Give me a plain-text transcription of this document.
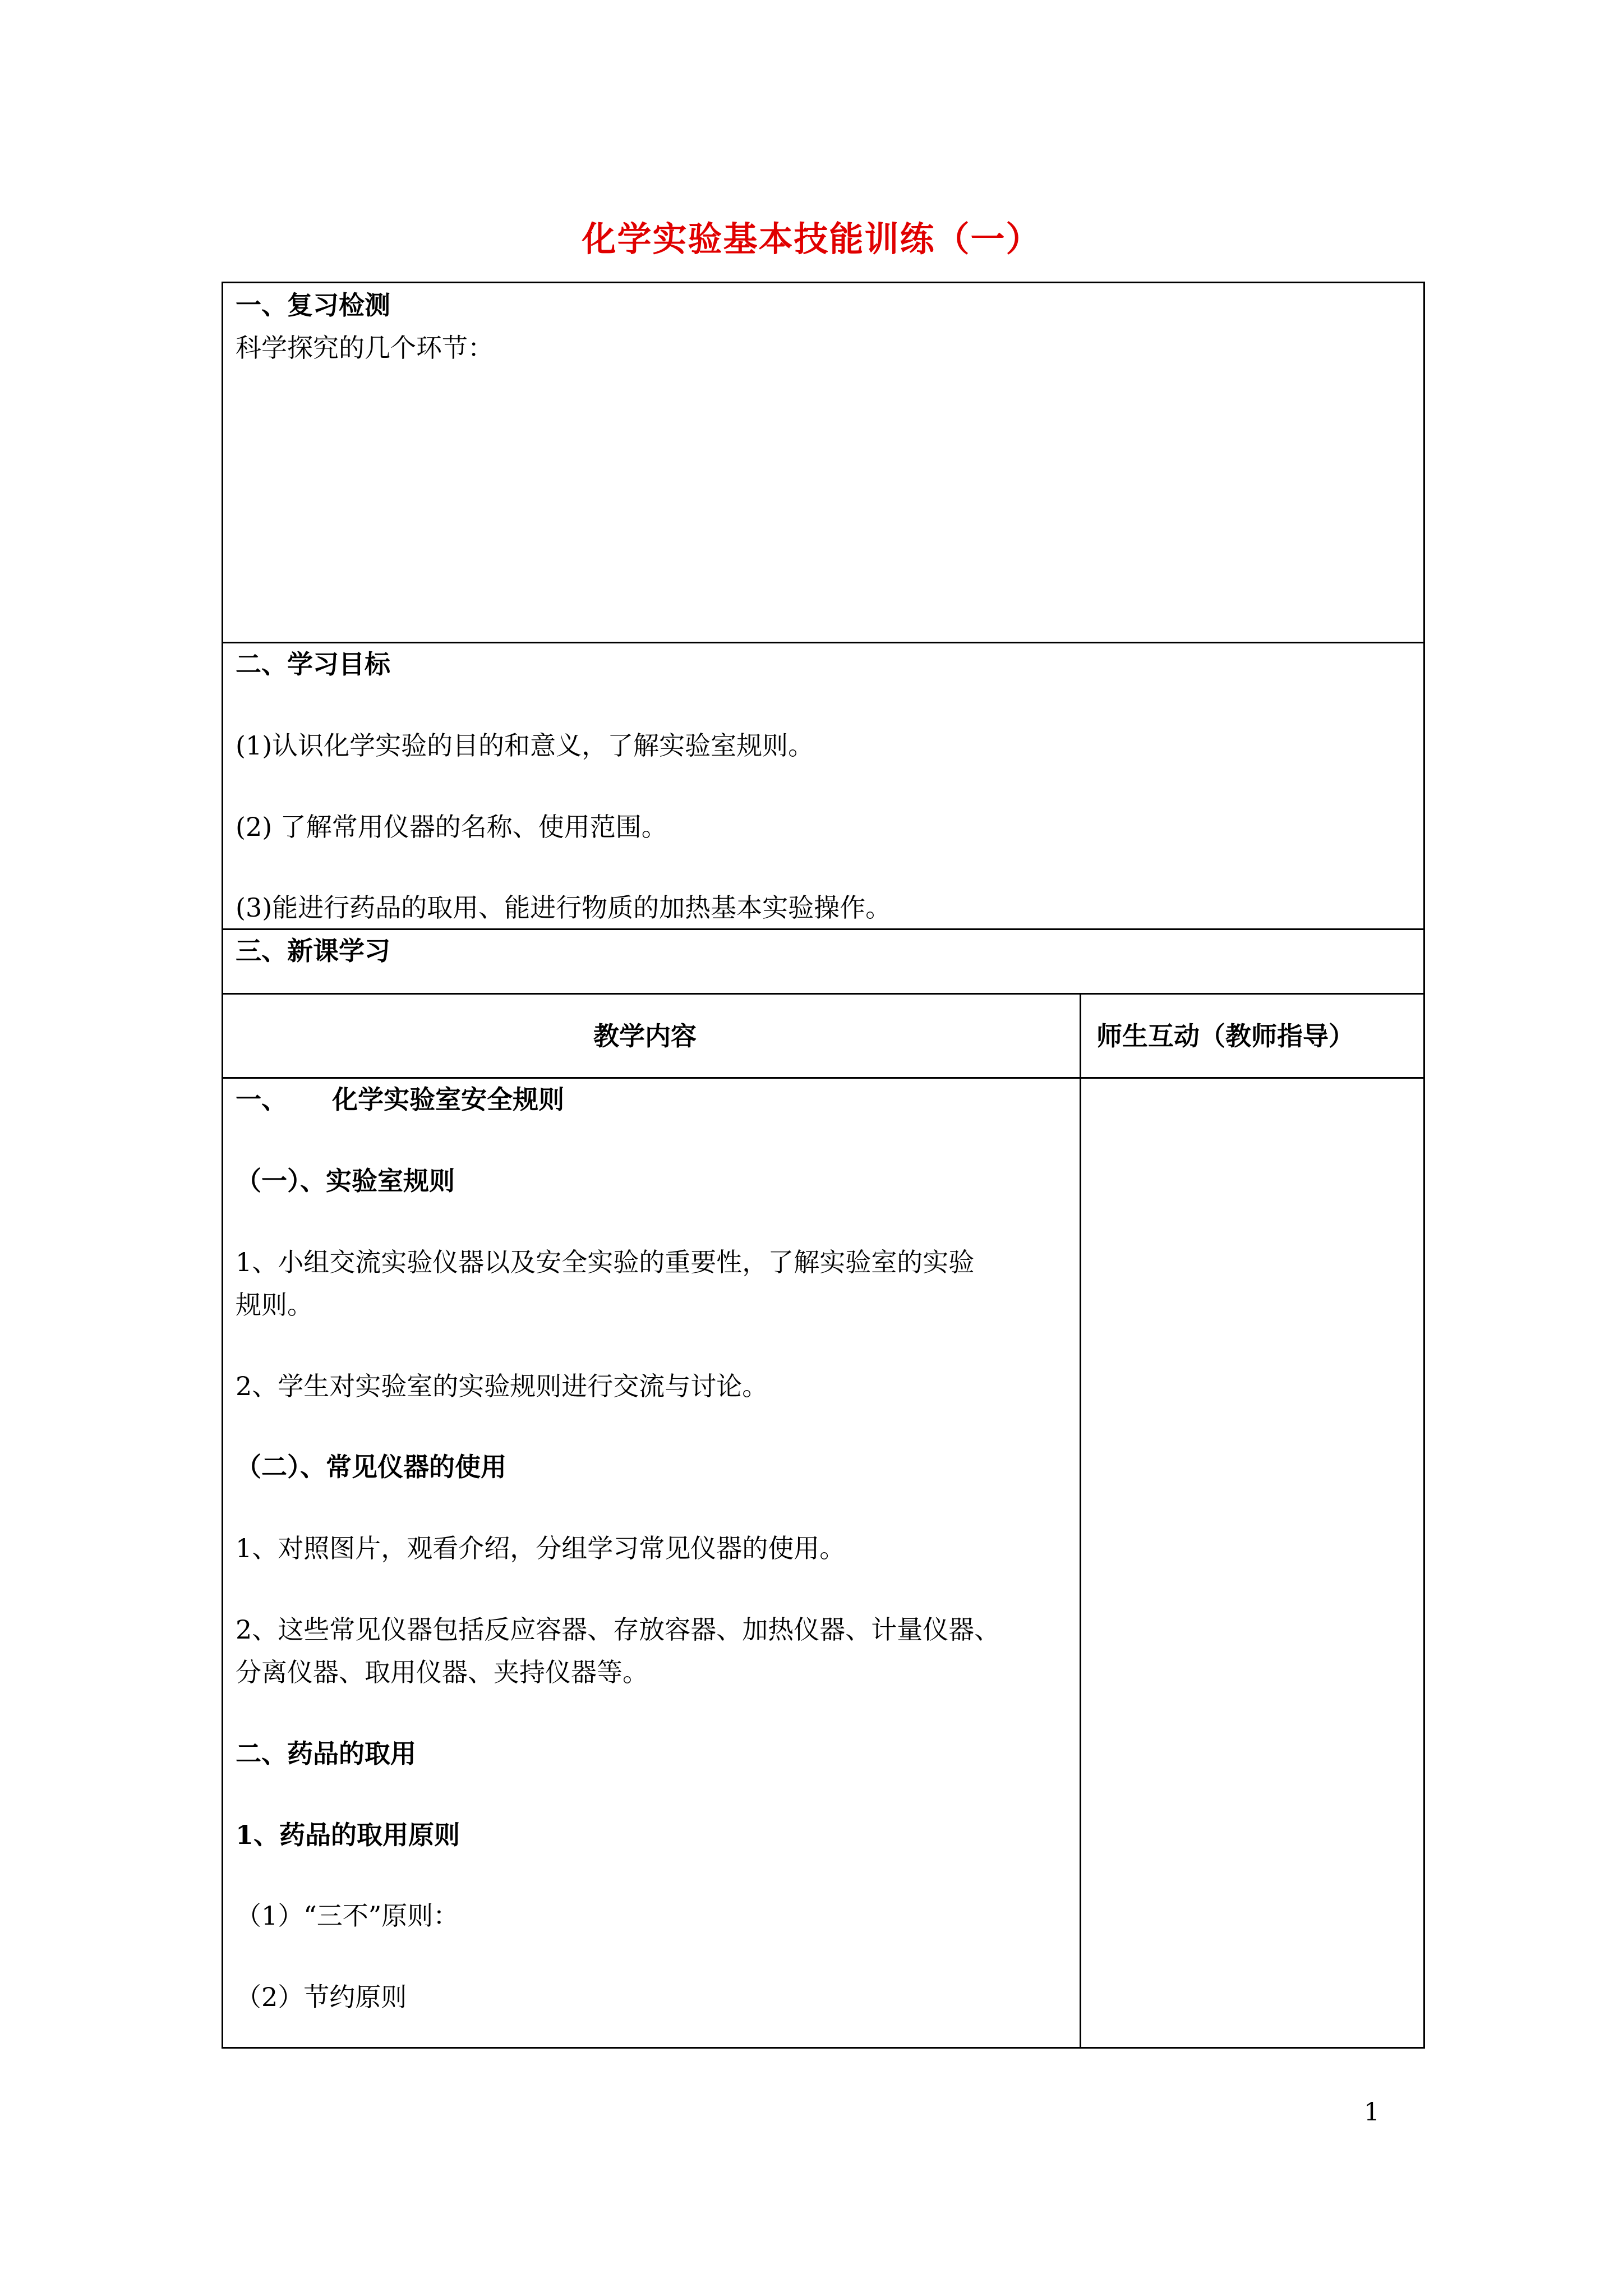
化学实验基本技能训练（一）
一、复习检测
科学探究的几个环节：
二、学习目标
(1)认识化学实验的目的和意义，了解实验室规则。
(2) 了解常用仪器的名称、使用范围。
(3)能进行药品的取用、能进行物质的加热基本实验操作。
三、新课学习
教学内容	师生互动（教师指导）
一、     化学实验室安全规则
（一）、实验室规则
1、小组交流实验仪器以及安全实验的重要性，了解实验室的实验
规则。
2、学生对实验室的实验规则进行交流与讨论。
（二）、常见仪器的使用
1、对照图片，观看介绍，分组学习常见仪器的使用。
2、这些常见仪器包括反应容器、存放容器、加热仪器、计量仪器、
分离仪器、取用仪器、夹持仪器等。
二、药品的取用
1、药品的取用原则
（1）“三不”原则：
（2）节约原则
1
